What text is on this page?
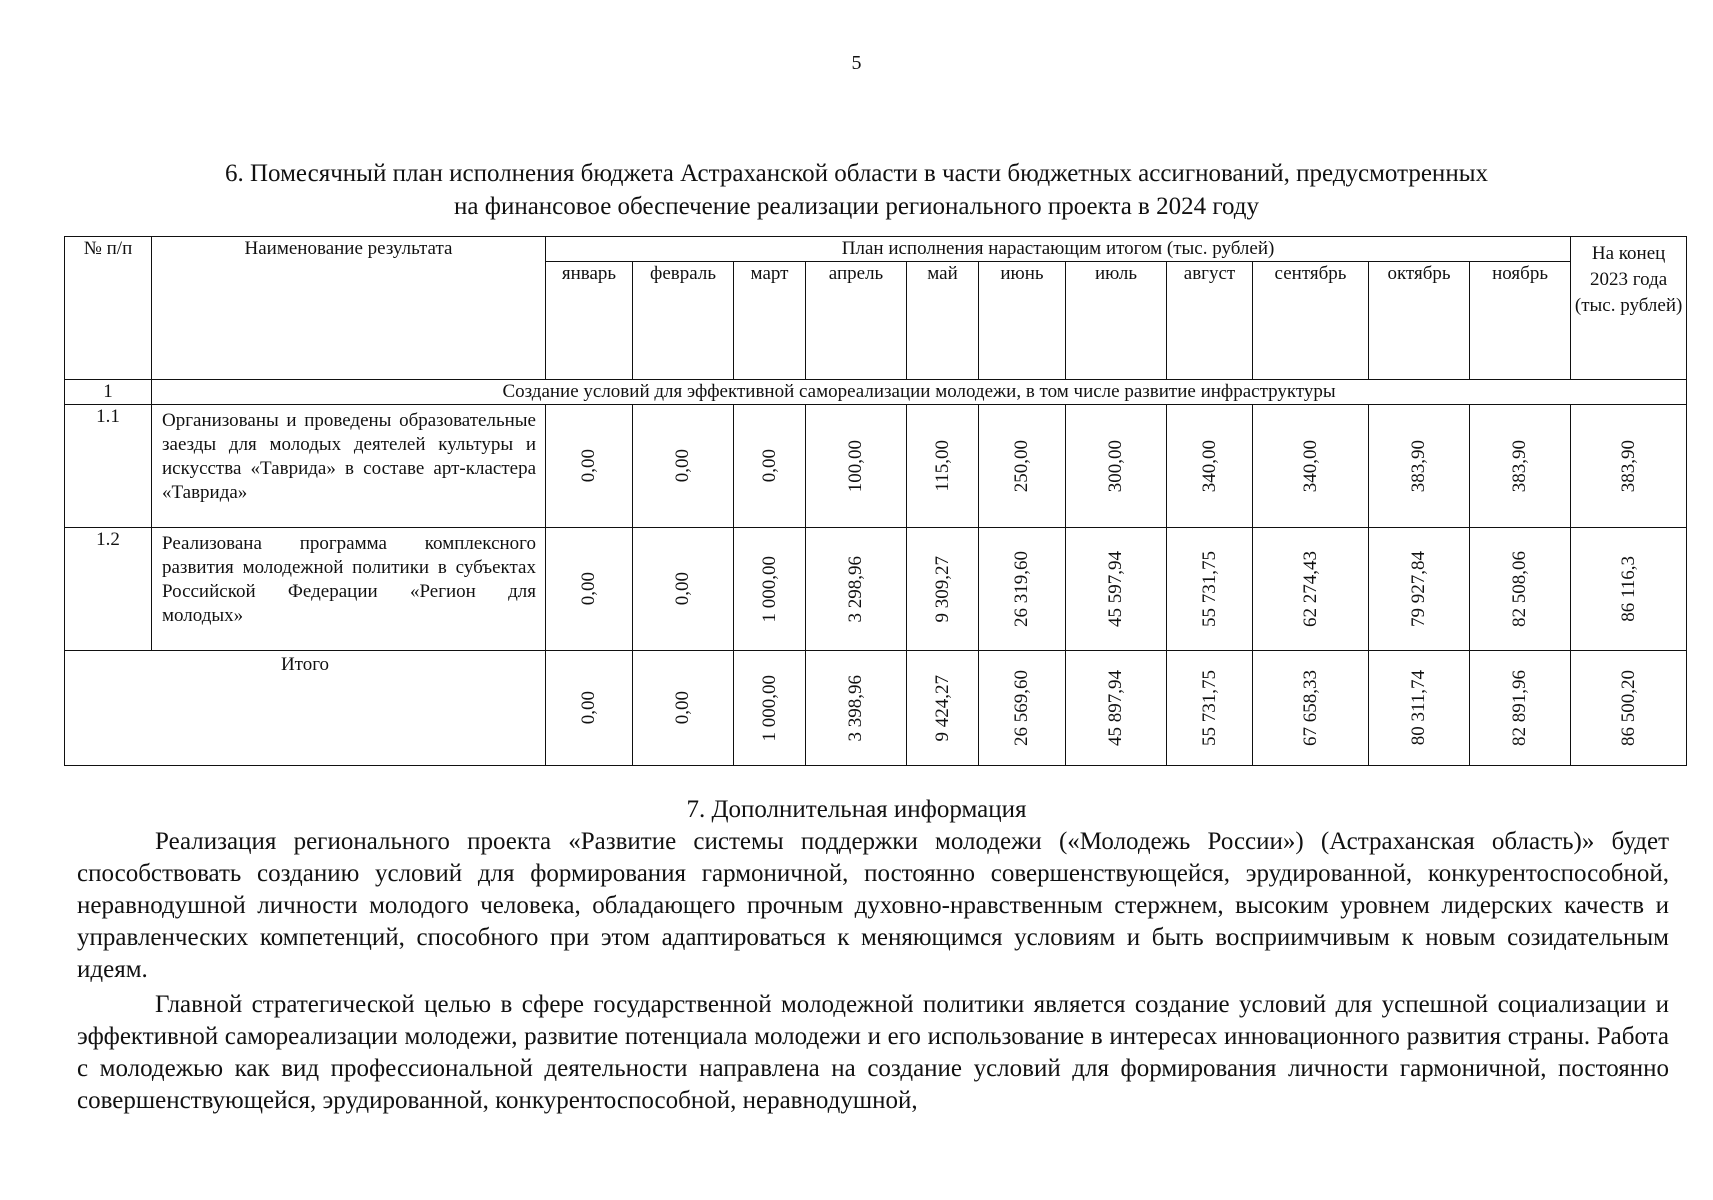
5
6. Помесячный план исполнения бюджета Астраханской области в части бюджетных ассигнований, предусмотренных
на финансовое обеспечение реализации регионального проекта в 2024 году
№ п/п	Наименование результата	План исполнения нарастающим итогом (тыс. рублей)											На конец 2023 года (тыс. рублей)
		январь	февраль	март	апрель	май	июнь	июль	август	сентябрь	октябрь	ноябрь	
1	Создание условий для эффективной самореализации молодежи, в том числе развитие инфраструктуры												
1.1	Организованы и проведены образовательные заезды для молодых деятелей культуры и искусства «Таврида» в составе арт-кластера «Таврида»	0,00	0,00	0,00	100,00	115,00	250,00	300,00	340,00	340,00	383,90	383,90	383,90

1.2	Реализована программа комплексного развития молодежной политики в субъектах Российской Федерации «Регион для молодых»	0,00	0,00	1 000,00	3 298,96	9 309,27	26 319,60	45 597,94	55 731,75	62 274,43	79 927,84	82 508,06	86 116,3

Итого		0,00	0,00	1 000,00	3 398,96	9 424,27	26 569,60	45 897,94	55 731,75	67 658,33	80 311,74	82 891,96	86 500,20
7. Дополнительная информация
Реализация регионального проекта «Развитие системы поддержки молодежи («Молодежь России») (Астраханская область)» будет способствовать созданию условий для формирования гармоничной, постоянно совершенствующейся, эрудированной, конкурентоспособной, неравнодушной личности молодого человека, обладающего прочным духовно-нравственным стержнем, высоким уровнем лидерских качеств и управленческих компетенций, способного при этом адаптироваться к меняющимся условиям и быть восприимчивым к новым созидательным идеям.
Главной стратегической целью в сфере государственной молодежной политики является создание условий для успешной социализации и эффективной самореализации молодежи, развитие потенциала молодежи и его использование в интересах инновационного развития страны. Работа с молодежью как вид профессиональной деятельности направлена на создание условий для формирования личности гармоничной, постоянно совершенствующейся, эрудированной, конкурентоспособной, неравнодушной,
